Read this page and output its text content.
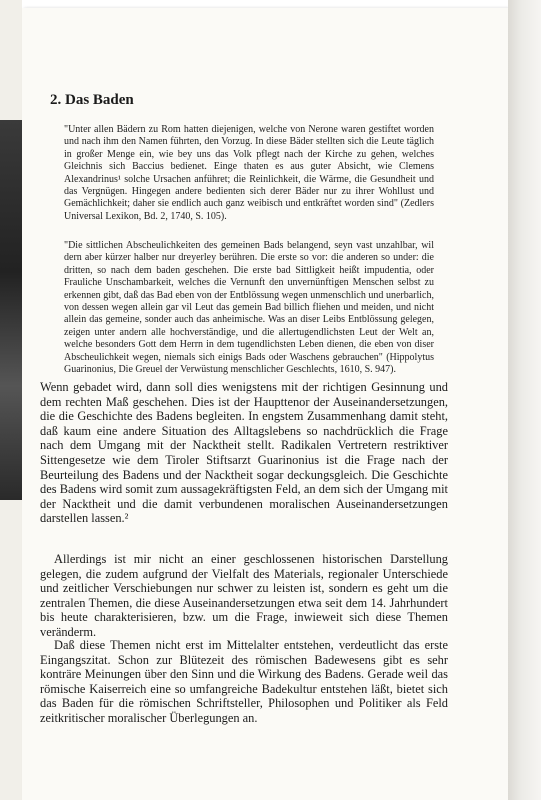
2. Das Baden

"Unter allen Bädern zu Rom hatten diejenigen, welche von Nerone waren gestiftet worden und nach ihm den Namen führten, den Vorzug. In diese Bäder stellten sich die Leute täglich in großer Menge ein, wie bey uns das Volk pflegt nach der Kirche zu gehen, welches Gleichnis sich Baccius bedienet. Einge thaten es aus guter Absicht, wie Clemens Alexandrinus¹ solche Ursachen anführet; die Reinlichkeit, die Wärme, die Gesundheit und das Vergnügen. Hingegen andere bedienten sich derer Bäder nur zu ihrer Wohllust und Gemächlichkeit; daher sie endlich auch ganz weibisch und entkräftet worden sind" (Zedlers Universal Lexikon, Bd. 2, 1740, S. 105).

"Die sittlichen Abscheulichkeiten des gemeinen Bads belangend, seyn vast unzahlbar, wil dern aber kürzer halber nur dreyerley berühren. Die erste so vor: die anderen so under: die dritten, so nach dem baden geschehen. Die erste bad Sittligkeit heißt impudentia, oder Frauliche Unschambarkeit, welches die Vernunft den unvernünftigen Menschen selbst zu erkennen gibt, daß das Bad eben von der Entblössung wegen unmenschlich und unerbarlich, von dessen wegen allein gar vil Leut das gemein Bad billich fliehen und meiden, und nicht allein das gemeine, sonder auch das anheimische. Was an diser Leibs Entblössung gelegen, zeigen unter andern alle hochverständige, und die allertugendlichsten Leut der Welt an, welche besonders Gott dem Herrn in dem tugendlichsten Leben dienen, die eben von diser Abscheulichkeit wegen, niemals sich einigs Bads oder Waschens gebrauchen" (Hippolytus Guarinonius, Die Greuel der Verwüstung menschlicher Geschlechts, 1610, S. 947).

Wenn gebadet wird, dann soll dies wenigstens mit der richtigen Gesinnung und dem rechten Maß geschehen. Dies ist der Haupttenor der Auseinandersetzungen, die die Geschichte des Badens begleiten. In engstem Zusammenhang damit steht, daß kaum eine andere Situation des Alltagslebens so nachdrücklich die Frage nach dem Umgang mit der Nacktheit stellt. Radikalen Vertretern restriktiver Sittengesetze wie dem Tiroler Stiftsarzt Guarinonius ist die Frage nach der Beurteilung des Badens und der Nacktheit sogar deckungsgleich. Die Geschichte des Badens wird somit zum aussagekräftigsten Feld, an dem sich der Umgang mit der Nacktheit und die damit verbundenen moralischen Auseinandersetzungen darstellen lassen.²

Allerdings ist mir nicht an einer geschlossenen historischen Darstellung gelegen, die zudem aufgrund der Vielfalt des Materials, regionaler Unterschiede und zeitlicher Verschiebungen nur schwer zu leisten ist, sondern es geht um die zentralen Themen, die diese Auseinandersetzungen etwa seit dem 14. Jahrhundert bis heute charakterisieren, bzw. um die Frage, inwieweit sich diese Themen veränderm.

Daß diese Themen nicht erst im Mittelalter entstehen, verdeutlicht das erste Eingangszitat. Schon zur Blütezeit des römischen Badewesens gibt es sehr konträre Meinungen über den Sinn und die Wirkung des Badens. Gerade weil das römische Kaiserreich eine so umfangreiche Badekultur entstehen läßt, bietet sich das Baden für die römischen Schriftsteller, Philosophen und Politiker als Feld zeitkritischer moralischer Überlegungen an.
